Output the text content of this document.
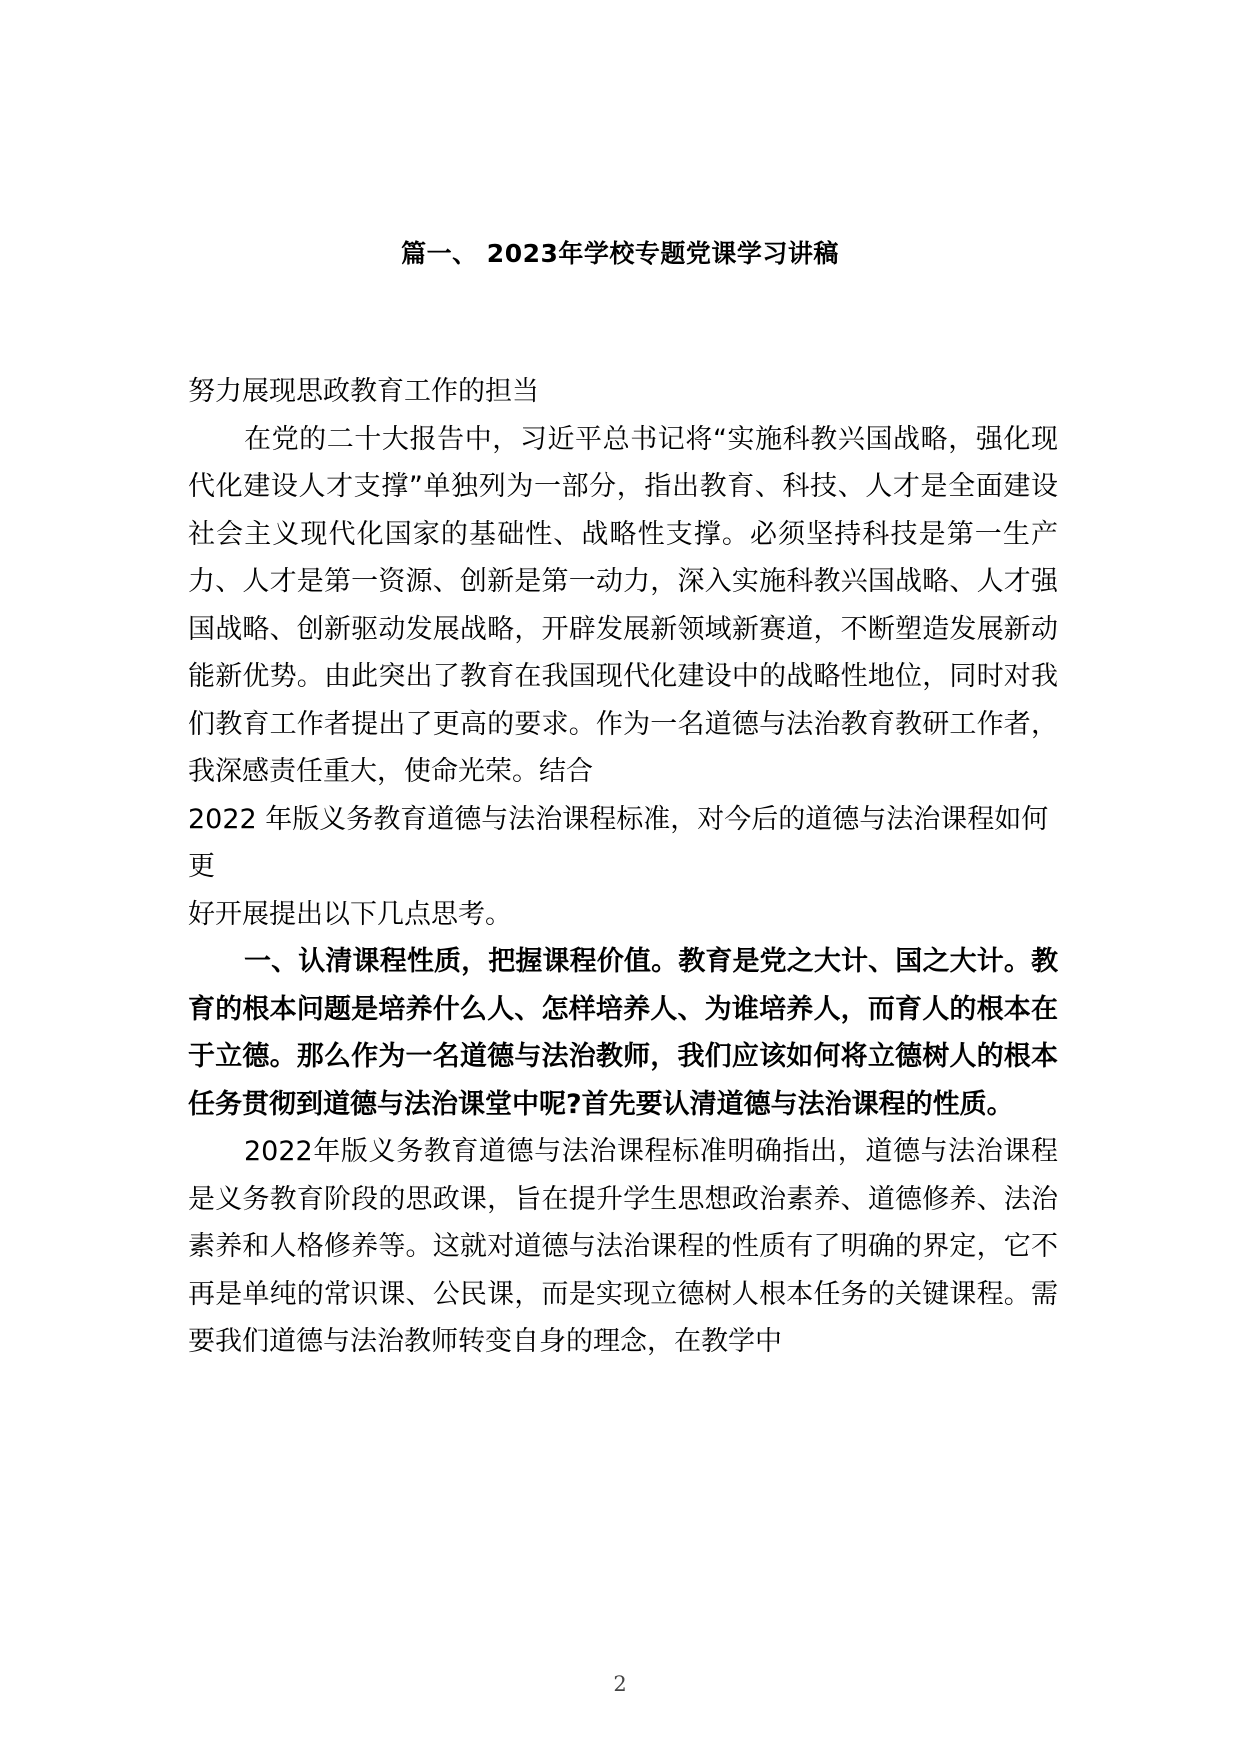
篇一、 2023年学校专题党课学习讲稿

努力展现思政教育工作的担当

在党的二十大报告中，习近平总书记将“实施科教兴国战略，强化现代化建设人才支撑”单独列为一部分，指出教育、科技、人才是全面建设社会主义现代化国家的基础性、战略性支撑。必须坚持科技是第一生产力、人才是第一资源、创新是第一动力，深入实施科教兴国战略、人才强国战略、创新驱动发展战略，开辟发展新领域新赛道，不断塑造发展新动能新优势。由此突出了教育在我国现代化建设中的战略性地位，同时对我们教育工作者提出了更高的要求。作为一名道德与法治教育教研工作者，我深感责任重大，使命光荣。结合

2022 年版义务教育道德与法治课程标准，对今后的道德与法治课程如何更

好开展提出以下几点思考。

一、认清课程性质，把握课程价值。教育是党之大计、国之大计。教育的根本问题是培养什么人、怎样培养人、为谁培养人，而育人的根本在于立德。那么作为一名道德与法治教师，我们应该如何将立德树人的根本任务贯彻到道德与法治课堂中呢?首先要认清道德与法治课程的性质。

2022年版义务教育道德与法治课程标准明确指出，道德与法治课程是义务教育阶段的思政课，旨在提升学生思想政治素养、道德修养、法治素养和人格修养等。这就对道德与法治课程的性质有了明确的界定，它不再是单纯的常识课、公民课，而是实现立德树人根本任务的关键课程。需要我们道德与法治教师转变自身的理念，在教学中

2
